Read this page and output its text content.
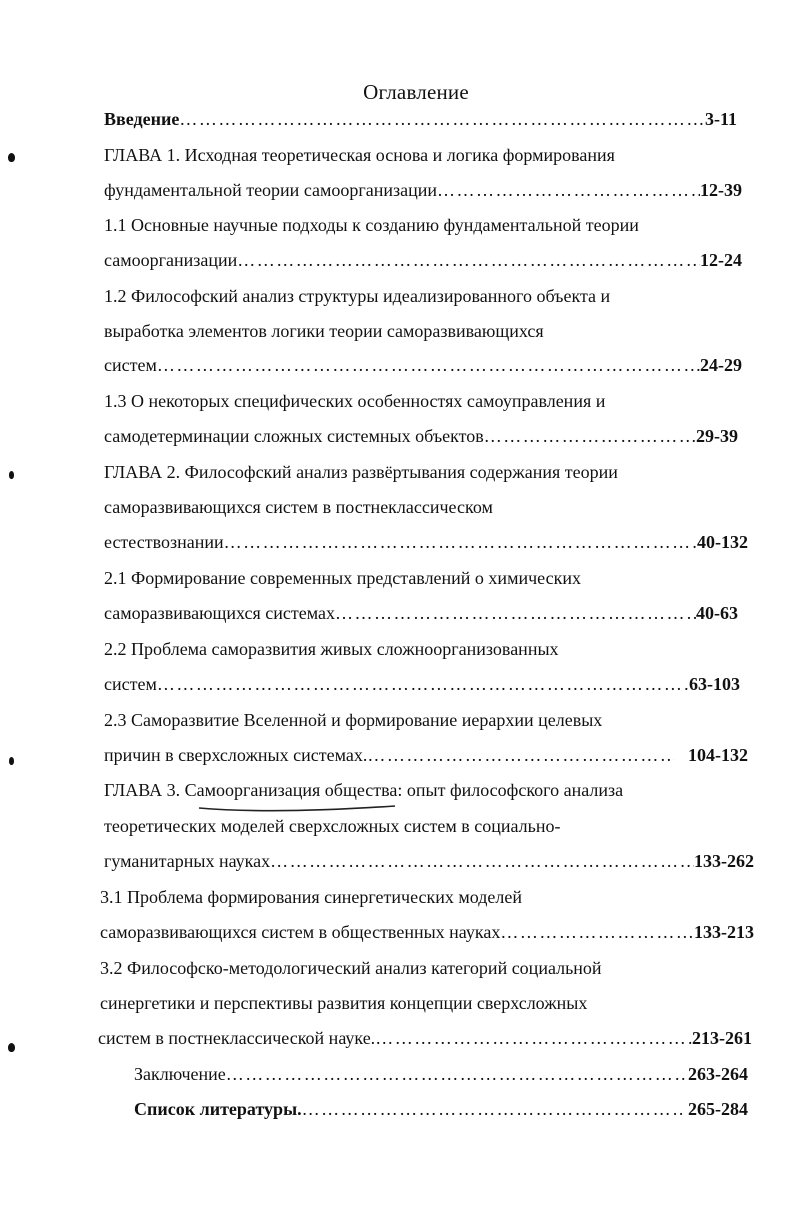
Оглавление
Введение …………………………………………………………………………………………………………………………………………………………………………………………	3-11
ГЛАВА 1. Исходная теоретическая основа и логика формирования
фундаментальной теории самоорганизации …………………………………………………………………………………………………………………………………………………………………………………………	12-39
1.1 Основные научные подходы к созданию фундаментальной теории
самоорганизации …………………………………………………………………………………………………………………………………………………………………………………………	12-24
1.2 Философский анализ структуры идеализированного объекта и
выработка элементов логики теории саморазвивающихся
систем …………………………………………………………………………………………………………………………………………………………………………………………	24-29
1.3 О некоторых специфических особенностях самоуправления и
самодетерминации сложных системных объектов …………………………………………………………………………………………………………………………………………………………………………………………	29-39
ГЛАВА 2. Философский анализ развёртывания содержания теории
саморазвивающихся систем в постнеклассическом
естествознании …………………………………………………………………………………………………………………………………………………………………………………………	40-132
2.1 Формирование современных представлений о химических
саморазвивающихся системах …………………………………………………………………………………………………………………………………………………………………………………………	40-63
2.2 Проблема саморазвития живых сложноорганизованных
систем …………………………………………………………………………………………………………………………………………………………………………………………	63-103
2.3 Саморазвитие Вселенной и формирование иерархии целевых
причин в сверхсложных системах. …………………………………………………………………………………………………………………………………………………………………………………………	104-132
ГЛАВА 3. Самоорганизация общества: опыт философского анализа
теоретических моделей сверхсложных систем в социально-
гуманитарных науках …………………………………………………………………………………………………………………………………………………………………………………………	133-262
3.1 Проблема формирования синергетических моделей
саморазвивающихся систем в общественных науках …………………………………………………………………………………………………………………………………………………………………………………………	133-213
3.2 Философско-методологический анализ категорий социальной
синергетики и перспективы развития концепции сверхсложных
систем в постнеклассической науке. …………………………………………………………………………………………………………………………………………………………………………………………	213-261
Заключение …………………………………………………………………………………………………………………………………………………………………………………………	263-264
Список литературы. …………………………………………………………………………………………………………………………………………………………………………………………	265-284
